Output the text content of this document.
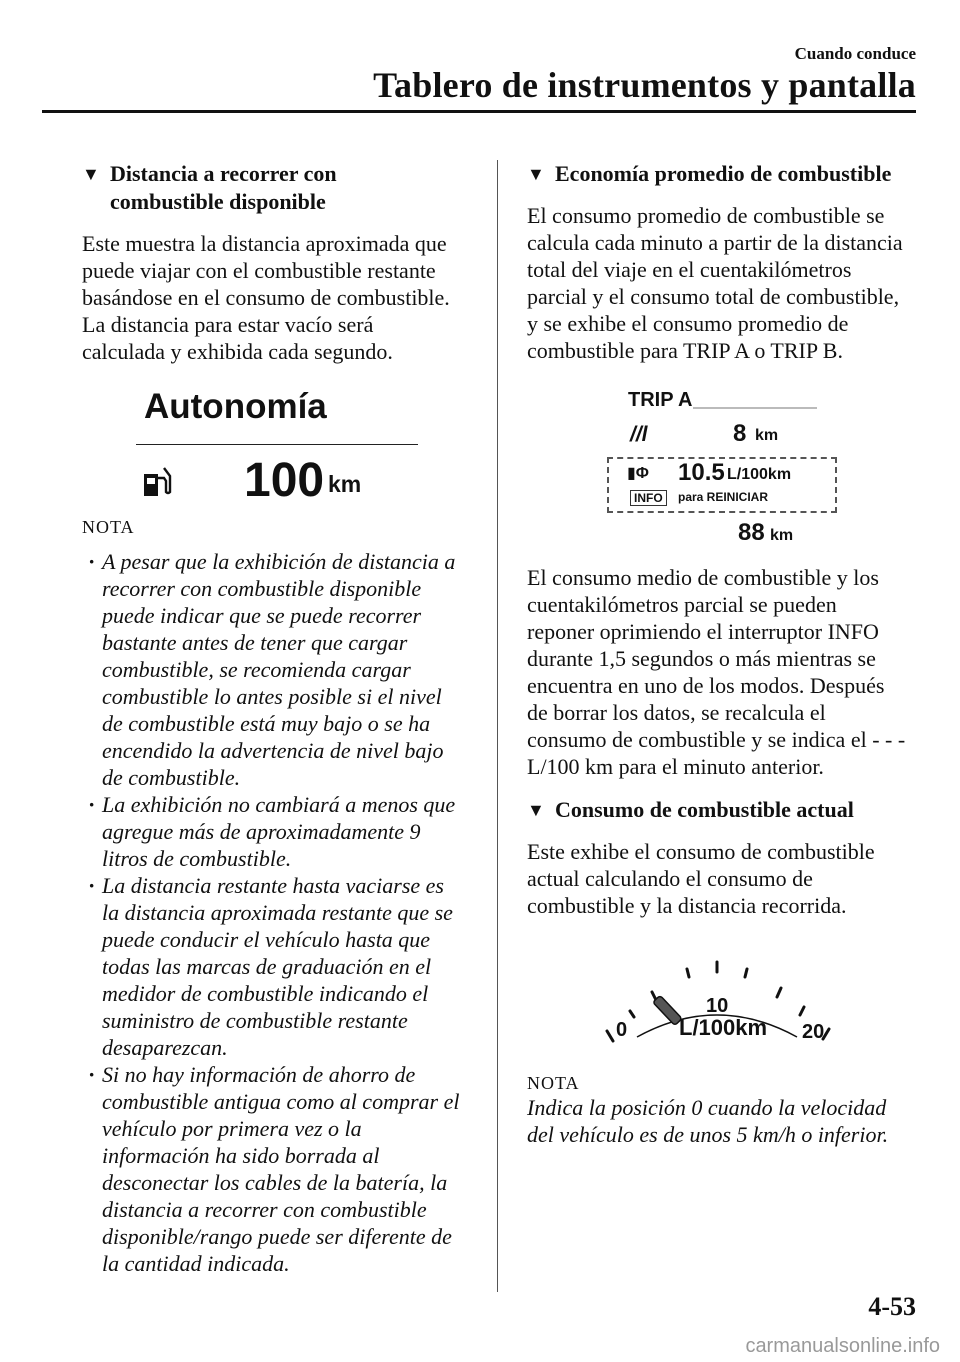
Cuando conduce
Tablero de instrumentos y pantalla
▼ Distancia a recorrer con
combustible disponible

Este muestra la distancia aproximada que
puede viajar con el combustible restante
basándose en el consumo de combustible.
La distancia para estar vacío será
calculada y exhibida cada segundo.

Autonomía
100 km

NOTA

· A pesar que la exhibición de distancia a
recorrer con combustible disponible
puede indicar que se puede recorrer
bastante antes de tener que cargar
combustible, se recomienda cargar
combustible lo antes posible si el nivel
de combustible está muy bajo o se ha
encendido la advertencia de nivel bajo
de combustible.
· La exhibición no cambiará a menos que
agregue más de aproximadamente 9
litros de combustible.
· La distancia restante hasta vaciarse es
la distancia aproximada restante que se
puede conducir el vehículo hasta que
todas las marcas de graduación en el
medidor de combustible indicando el
suministro de combustible restante
desaparezcan.
· Si no hay información de ahorro de
combustible antigua como al comprar el
vehículo por primera vez o la
información ha sido borrada al
desconectar los cables de la batería, la
distancia a recorrer con combustible
disponible/rango puede ser diferente de
la cantidad indicada.
▼ Economía promedio de combustible

El consumo promedio de combustible se
calcula cada minuto a partir de la distancia
total del viaje en el cuentakilómetros
parcial y el consumo total de combustible,
y se exhibe el consumo promedio de
combustible para TRIP A o TRIP B.

TRIP A
//l	8 km
▮Φ 10.5 L/100km
INFO	para REINICIAR
88 km

El consumo medio de combustible y los
cuentakilómetros parcial se pueden
reponer oprimiendo el interruptor INFO
durante 1,5 segundos o más mientras se
encuentra en uno de los modos. Después
de borrar los datos, se recalcula el
consumo de combustible y se indica el - - -
L/100 km para el minuto anterior.

▼ Consumo de combustible actual

Este exhibe el consumo de combustible
actual calculando el consumo de
combustible y la distancia recorrida.

0
10
20
L/100km

NOTA

Indica la posición 0 cuando la velocidad
del vehículo es de unos 5 km/h o inferior.

4-53
carmanualsonline.info
